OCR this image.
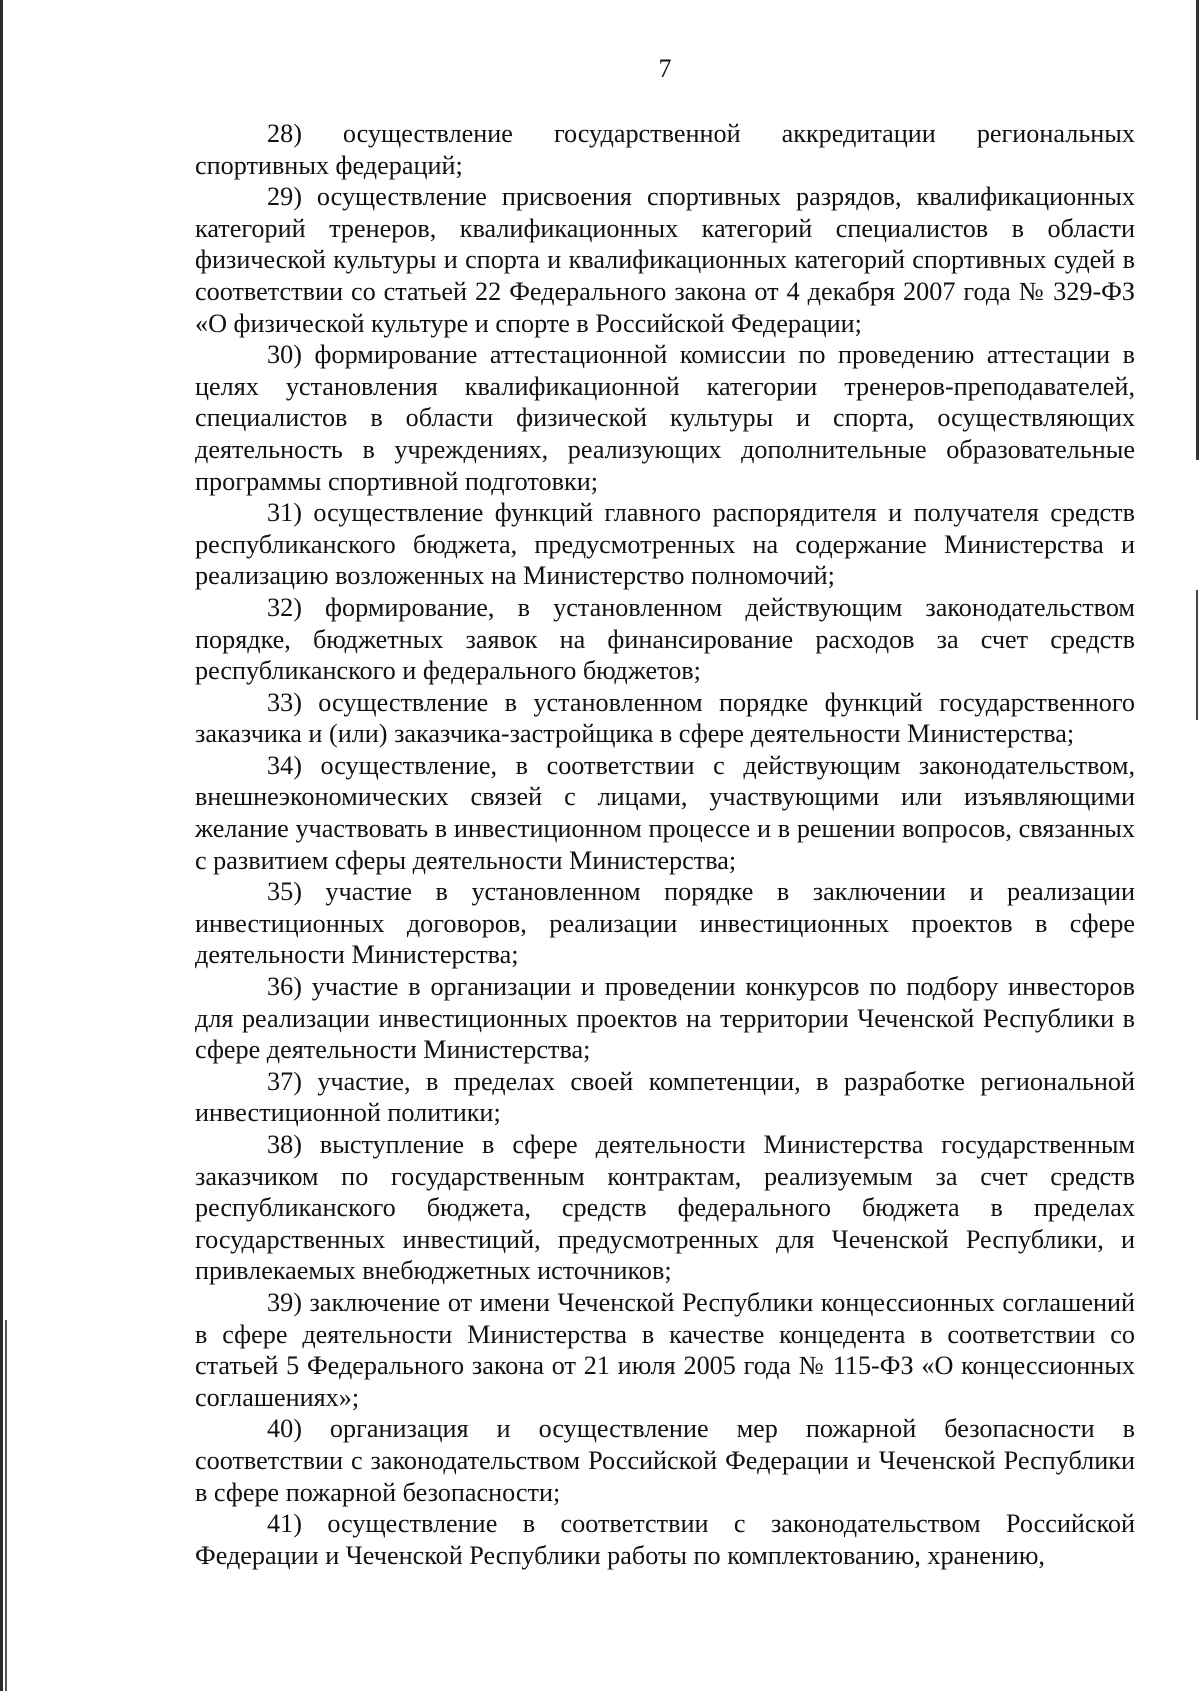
7

28) осуществление государственной аккредитации региональных спортивных федераций;

29) осуществление присвоения спортивных разрядов, квалификационных категорий тренеров, квалификационных категорий специалистов в области физической культуры и спорта и квалификационных категорий спортивных судей в соответствии со статьей 22 Федерального закона от 4 декабря 2007 года № 329-ФЗ «О физической культуре и спорте в Российской Федерации;

30) формирование аттестационной комиссии по проведению аттестации в целях установления квалификационной категории тренеров-преподавателей, специалистов в области физической культуры и спорта, осуществляющих деятельность в учреждениях, реализующих дополнительные образовательные программы спортивной подготовки;

31) осуществление функций главного распорядителя и получателя средств республиканского бюджета, предусмотренных на содержание Министерства и реализацию возложенных на Министерство полномочий;

32) формирование, в установленном действующим законодательством порядке, бюджетных заявок на финансирование расходов за счет средств республиканского и федерального бюджетов;

33) осуществление в установленном порядке функций государственного заказчика и (или) заказчика-застройщика в сфере деятельности Министерства;

34) осуществление, в соответствии с действующим законодательством, внешнеэкономических связей с лицами, участвующими или изъявляющими желание участвовать в инвестиционном процессе и в решении вопросов, связанных с развитием сферы деятельности Министерства;

35) участие в установленном порядке в заключении и реализации инвестиционных договоров, реализации инвестиционных проектов в сфере деятельности Министерства;

36) участие в организации и проведении конкурсов по подбору инвесторов для реализации инвестиционных проектов на территории Чеченской Республики в сфере деятельности Министерства;

37) участие, в пределах своей компетенции, в разработке региональной инвестиционной политики;

38) выступление в сфере деятельности Министерства государственным заказчиком по государственным контрактам, реализуемым за счет средств республиканского бюджета, средств федерального бюджета в пределах государственных инвестиций, предусмотренных для Чеченской Республики, и привлекаемых внебюджетных источников;

39) заключение от имени Чеченской Республики концессионных соглашений в сфере деятельности Министерства в качестве концедента в соответствии со статьей 5 Федерального закона от 21 июля 2005 года № 115-ФЗ «О концессионных соглашениях»;

40) организация и осуществление мер пожарной безопасности в соответствии с законодательством Российской Федерации и Чеченской Республики в сфере пожарной безопасности;

41) осуществление в соответствии с законодательством Российской Федерации и Чеченской Республики работы по комплектованию, хранению,
